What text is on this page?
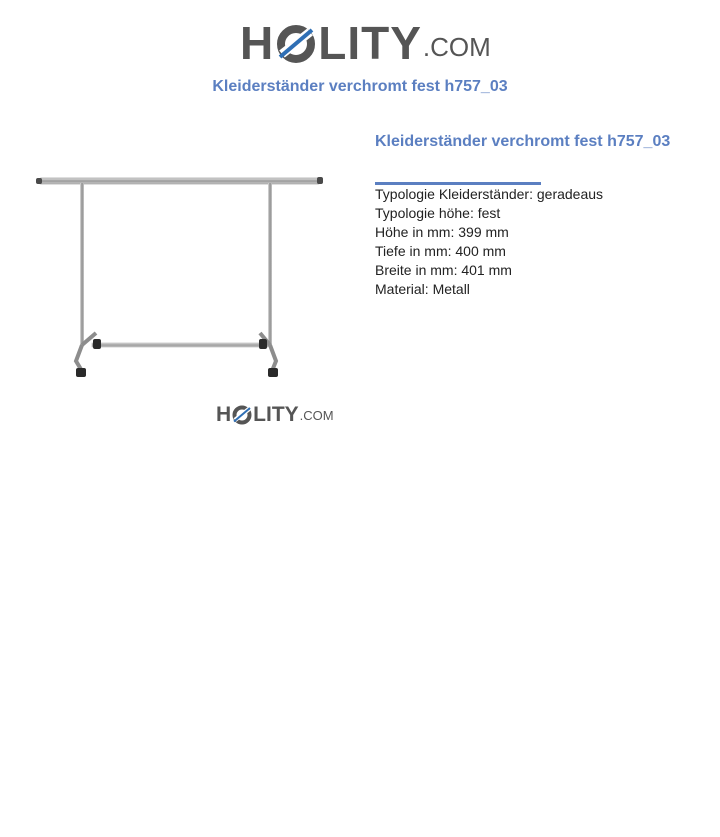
H LITY .COM
Kleiderständer verchromt fest h757_03
H LITY .COM
Kleiderständer verchromt fest h757_03
Typologie Kleiderständer: geradeaus
Typologie höhe: fest
Höhe in mm: 399 mm
Tiefe in mm: 400 mm
Breite in mm: 401 mm
Material: Metall
